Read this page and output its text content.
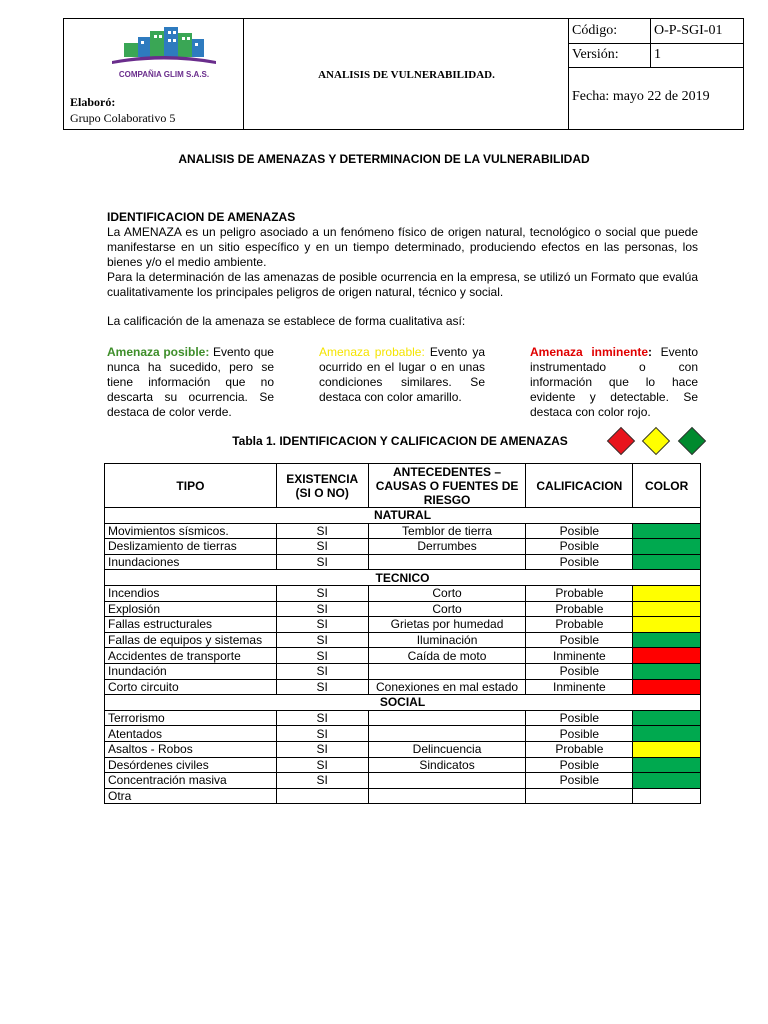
COMPAÑIA GLIM S.A.S.
Elaboró:
Grupo Colaborativo 5
ANALISIS DE VULNERABILIDAD.
Código:	O-P-SGI-01
Versión:	1
Fecha: mayo 22 de 2019
ANALISIS DE AMENAZAS Y DETERMINACION DE LA VULNERABILIDAD
IDENTIFICACION DE AMENAZAS
La AMENAZA es un peligro asociado a un fenómeno físico de origen natural, tecnológico o social que puede manifestarse en un sitio específico y en un tiempo determinado, produciendo efectos en las personas, los bienes y/o el medio ambiente.
Para la determinación de las amenazas de posible ocurrencia en la empresa, se utilizó un Formato que evalúa cualitativamente los principales peligros de origen natural, técnico y social.
La calificación de la amenaza se establece de forma cualitativa así:
Amenaza posible: Evento que nunca ha sucedido, pero se tiene información que no descarta su ocurrencia. Se destaca de color verde.
Amenaza probable: Evento ya ocurrido en el lugar o en unas condiciones similares. Se destaca con color amarillo.
Amenaza inminente: Evento instrumentado o con información que lo hace evidente y detectable. Se destaca con color rojo.
Tabla 1. IDENTIFICACION Y CALIFICACION DE AMENAZAS
TIPO	EXISTENCIA (SI O NO)	ANTECEDENTES – CAUSAS O FUENTES DE RIESGO	CALIFICACION	COLOR
NATURAL				
Movimientos sísmicos.	SI	Temblor de tierra	Posible	
Deslizamiento de tierras	SI	Derrumbes	Posible	
Inundaciones	SI		Posible	
TECNICO				
Incendios	SI	Corto	Probable	
Explosión	SI	Corto	Probable	
Fallas estructurales	SI	Grietas por humedad	Probable	
Fallas de equipos y sistemas	SI	Iluminación	Posible	
Accidentes de transporte	SI	Caída de moto	Inminente	
Inundación	SI		Posible	
Corto circuito	SI	Conexiones en mal estado	Inminente	
SOCIAL				
Terrorismo	SI		Posible	
Atentados	SI		Posible	
Asaltos - Robos	SI	Delincuencia	Probable	
Desórdenes civiles	SI	Sindicatos	Posible	
Concentración masiva	SI		Posible	
Otra				
